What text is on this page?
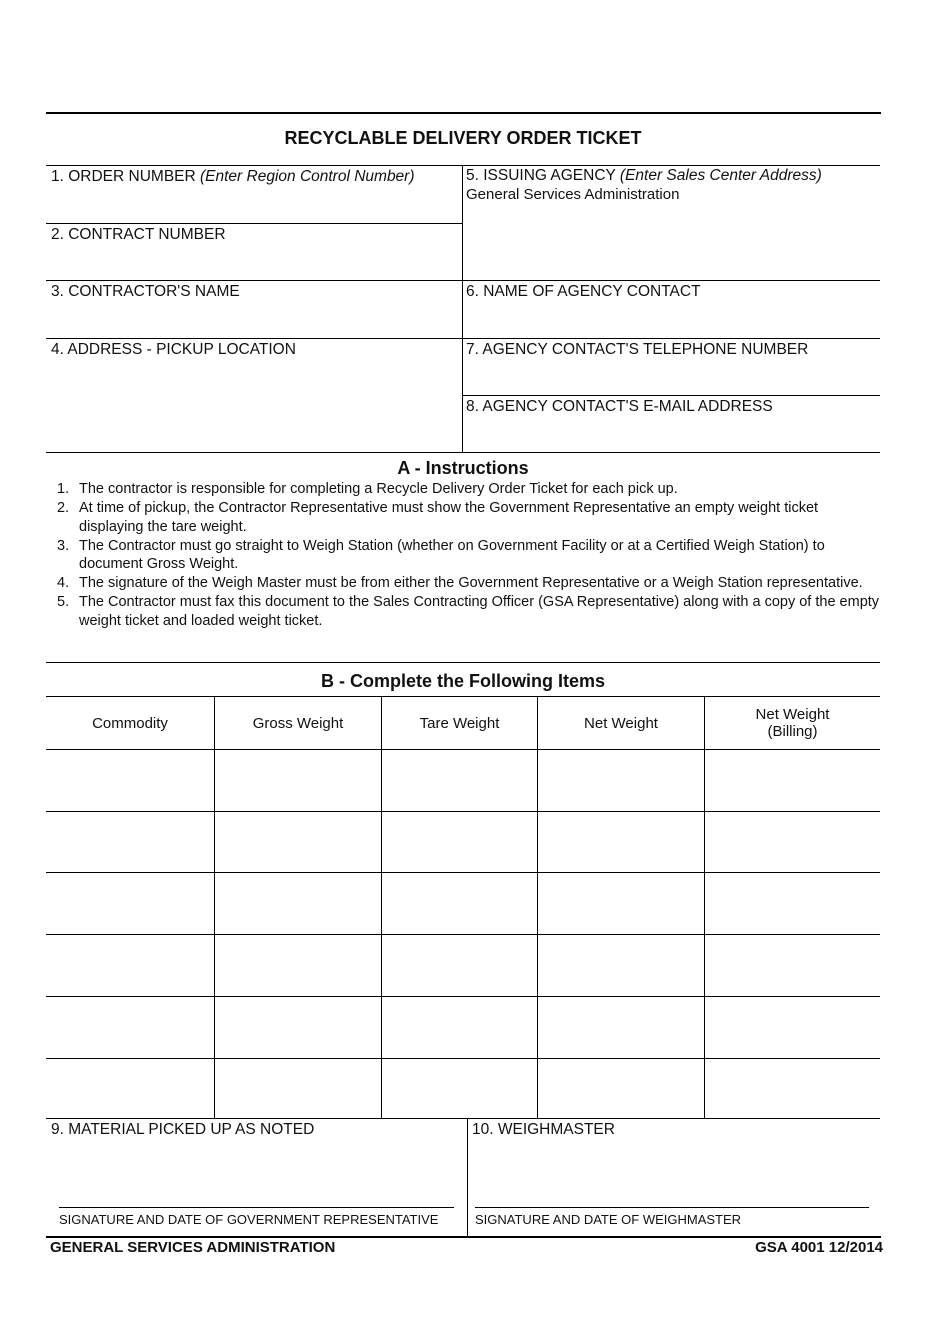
RECYCLABLE DELIVERY ORDER TICKET
1. ORDER NUMBER (Enter Region Control Number)
2. CONTRACT NUMBER
3. CONTRACTOR'S NAME
4. ADDRESS - PICKUP LOCATION
5. ISSUING AGENCY (Enter Sales Center Address)
General Services Administration
6. NAME OF AGENCY CONTACT
7. AGENCY CONTACT'S TELEPHONE NUMBER
8. AGENCY CONTACT'S E-MAIL ADDRESS
A - Instructions
1. The contractor is responsible for completing a Recycle Delivery Order Ticket for each pick up.
2. At time of pickup, the Contractor Representative must show the Government Representative an empty weight ticket displaying the tare weight.
3. The Contractor must go straight to Weigh Station (whether on Government Facility or at a Certified Weigh Station) to document Gross Weight.
4. The signature of the Weigh Master must be from either the Government Representative or a Weigh Station representative.
5. The Contractor must fax this document to the Sales Contracting Officer (GSA Representative) along with a copy of the empty weight ticket and loaded weight ticket.
B - Complete the Following Items
Commodity	Gross Weight	Tare Weight	Net Weight	Net Weight
(Billing)
9. MATERIAL PICKED UP AS NOTED	10. WEIGHMASTER
SIGNATURE AND DATE OF GOVERNMENT REPRESENTATIVE	SIGNATURE AND DATE OF WEIGHMASTER
GENERAL SERVICES ADMINISTRATION	GSA 4001 12/2014
